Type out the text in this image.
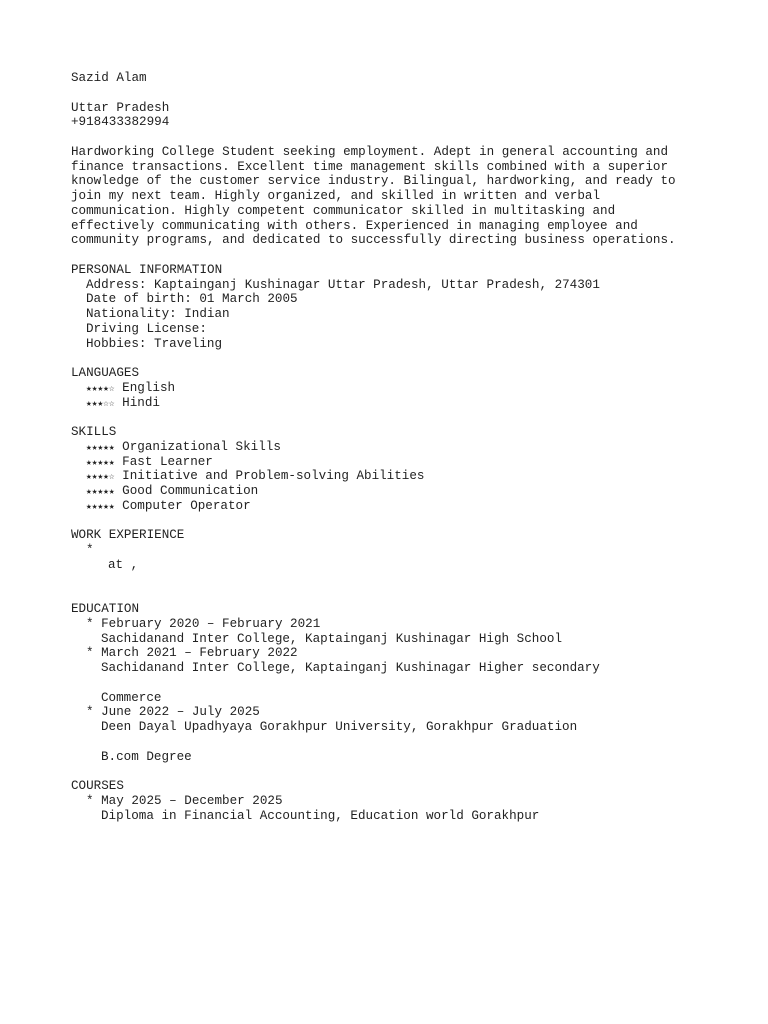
Sazid Alam
Uttar Pradesh
+918433382994
Hardworking College Student seeking employment. Adept in general accounting and
finance transactions. Excellent time management skills combined with a superior
knowledge of the customer service industry. Bilingual, hardworking, and ready to
join my next team. Highly organized, and skilled in written and verbal
communication. Highly competent communicator skilled in multitasking and
effectively communicating with others. Experienced in managing employee and
community programs, and dedicated to successfully directing business operations.
PERSONAL INFORMATION
Address: Kaptainganj Kushinagar Uttar Pradesh, Uttar Pradesh, 274301
Date of birth: 01 March 2005
Nationality: Indian
Driving License:
Hobbies: Traveling
LANGUAGES
★★★★☆ English
★★★☆☆ Hindi
SKILLS
★★★★★ Organizational Skills
★★★★★ Fast Learner
★★★★☆ Initiative and Problem-solving Abilities
★★★★★ Good Communication
★★★★★ Computer Operator
WORK EXPERIENCE
*
at ,
EDUCATION
* February 2020 – February 2021
Sachidanand Inter College, Kaptainganj Kushinagar High School
* March 2021 – February 2022
Sachidanand Inter College, Kaptainganj Kushinagar Higher secondary
Commerce
* June 2022 – July 2025
Deen Dayal Upadhyaya Gorakhpur University, Gorakhpur Graduation
B.com Degree
COURSES
* May 2025 – December 2025
Diploma in Financial Accounting, Education world Gorakhpur
